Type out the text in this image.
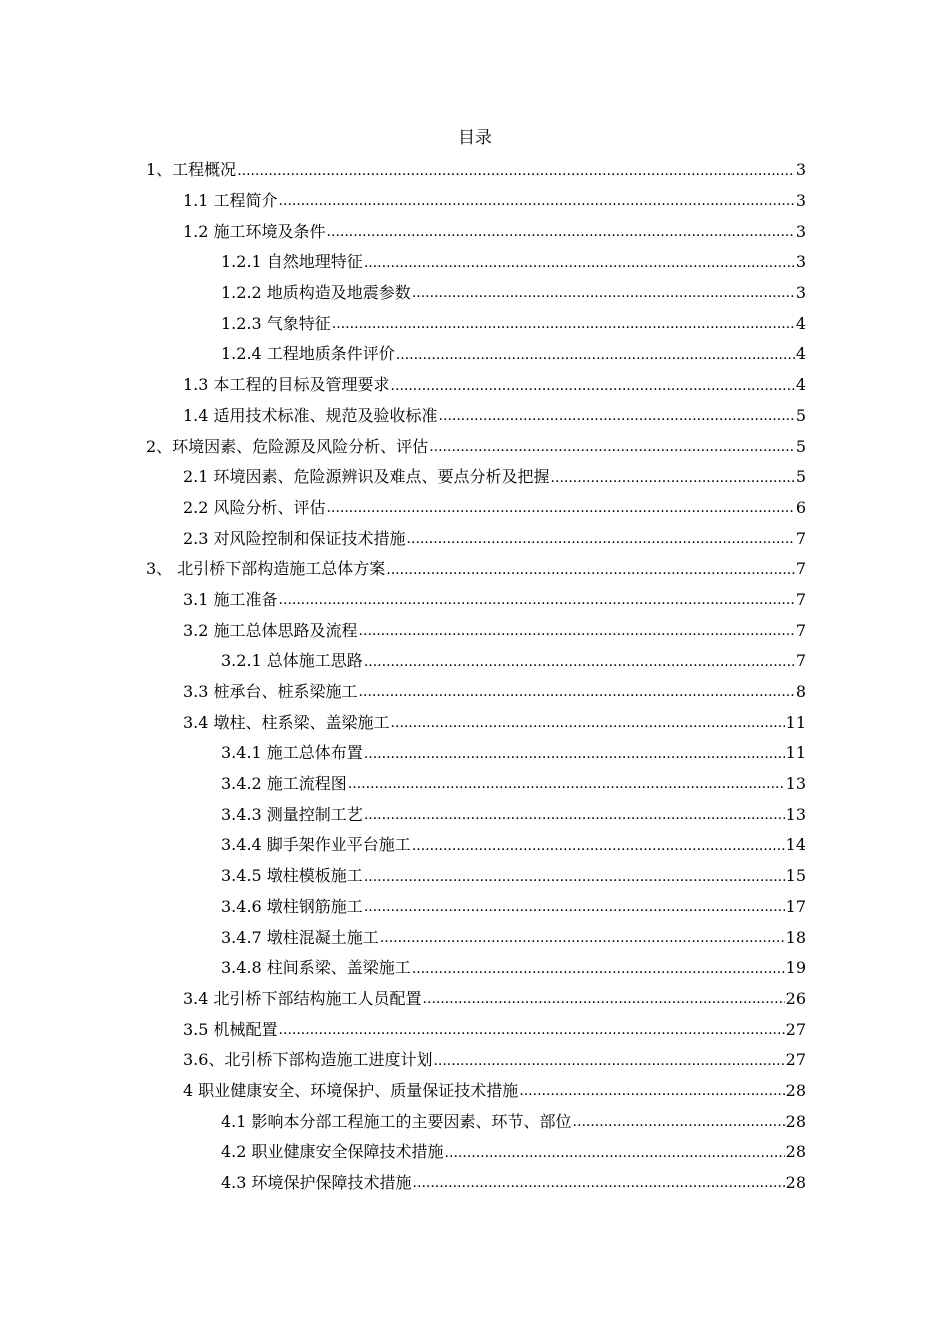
目录
1、工程概况 .....	3
1.1 工程简介 .....	3
1.2 施工环境及条件 .....	3
1.2.1 自然地理特征 .....	3
1.2.2 地质构造及地震参数 .....	3
1.2.3 气象特征 .....	4
1.2.4 工程地质条件评价 .....	4
1.3 本工程的目标及管理要求 .....	4
1.4 适用技术标准、规范及验收标准 .....	5
2、环境因素、危险源及风险分析、评估 .....	5
2.1 环境因素、危险源辨识及难点、要点分析及把握 .....	5
2.2 风险分析、评估 .....	6
2.3 对风险控制和保证技术措施 .....	7
3、 北引桥下部构造施工总体方案 .....	7
3.1 施工准备 .....	7
3.2 施工总体思路及流程 .....	7
3.2.1 总体施工思路 .....	7
3.3 桩承台、桩系梁施工 .....	8
3.4 墩柱、柱系梁、盖梁施工 .....	11
3.4.1 施工总体布置 .....	11
3.4.2 施工流程图 .....	13
3.4.3 测量控制工艺 .....	13
3.4.4 脚手架作业平台施工 .....	14
3.4.5 墩柱模板施工 .....	15
3.4.6 墩柱钢筋施工 .....	17
3.4.7 墩柱混凝土施工 .....	18
3.4.8 柱间系梁、盖梁施工 .....	19
3.4 北引桥下部结构施工人员配置 .....	26
3.5 机械配置 .....	27
3.6、北引桥下部构造施工进度计划 .....	27
4 职业健康安全、环境保护、质量保证技术措施 .....	28
4.1 影响本分部工程施工的主要因素、环节、部位 .....	28
4.2 职业健康安全保障技术措施 .....	28
4.3 环境保护保障技术措施 .....	28
